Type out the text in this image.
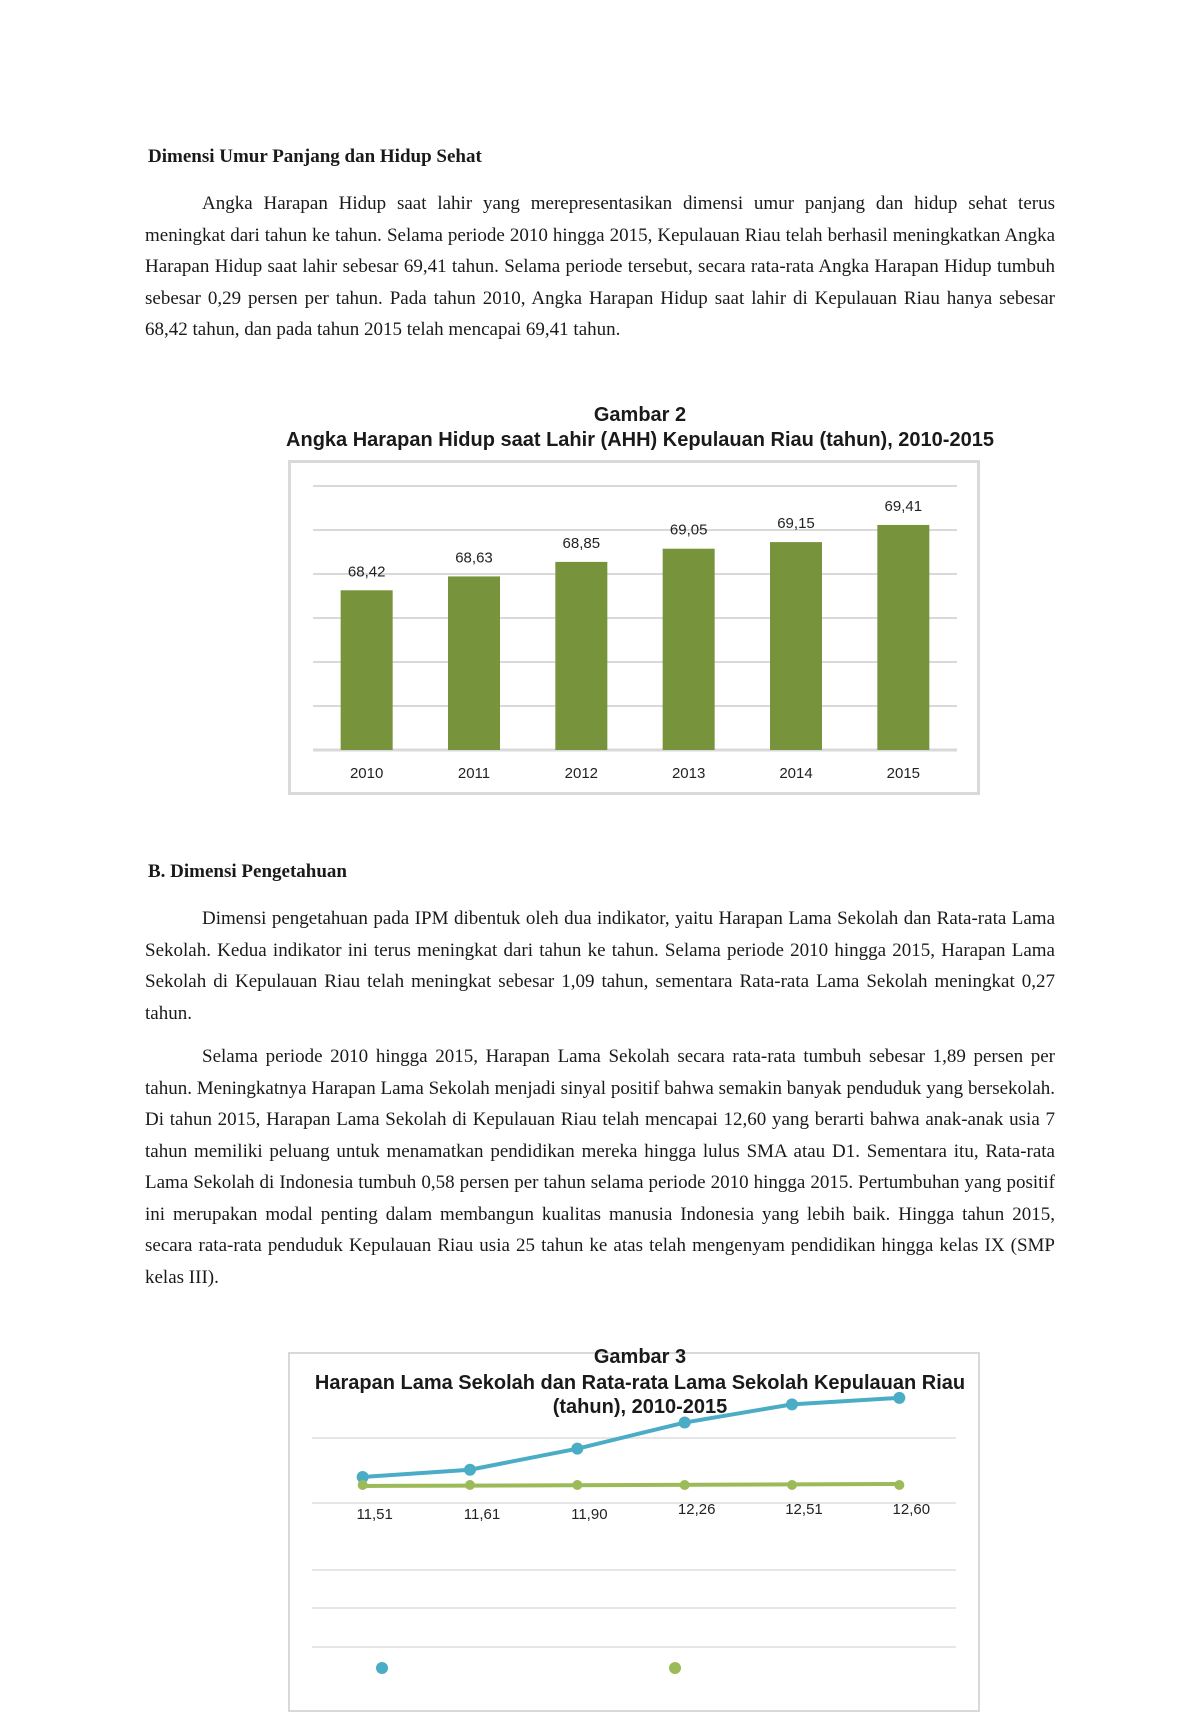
Dimensi Umur Panjang dan Hidup Sehat

Angka Harapan Hidup saat lahir yang merepresentasikan dimensi umur panjang dan hidup sehat terus meningkat dari tahun ke tahun. Selama periode 2010 hingga 2015, Kepulauan Riau telah berhasil meningkatkan Angka Harapan Hidup saat lahir sebesar 69,41 tahun. Selama periode tersebut, secara rata-rata Angka Harapan Hidup tumbuh sebesar 0,29 persen per tahun. Pada tahun 2010, Angka Harapan Hidup saat lahir di Kepulauan Riau hanya sebesar 68,42 tahun, dan pada tahun 2015 telah mencapai 69,41 tahun.

Gambar 2
Angka Harapan Hidup saat Lahir (AHH) Kepulauan Riau (tahun), 2010-2015
68,42
2010
68,63
2011
68,85
2012
69,05
2013
69,15
2014
69,41
2015
B. Dimensi Pengetahuan

Dimensi pengetahuan pada IPM dibentuk oleh dua indikator, yaitu Harapan Lama Sekolah dan Rata-rata Lama Sekolah. Kedua indikator ini terus meningkat dari tahun ke tahun. Selama periode 2010 hingga 2015, Harapan Lama Sekolah di Kepulauan Riau telah meningkat sebesar 1,09 tahun, sementara Rata-rata Lama Sekolah meningkat 0,27 tahun.

Selama periode 2010 hingga 2015, Harapan Lama Sekolah secara rata-rata tumbuh sebesar 1,89 persen per tahun. Meningkatnya Harapan Lama Sekolah menjadi sinyal positif bahwa semakin banyak penduduk yang bersekolah. Di tahun 2015, Harapan Lama Sekolah di Kepulauan Riau telah mencapai 12,60 yang berarti bahwa anak-anak usia 7 tahun memiliki peluang untuk menamatkan pendidikan mereka hingga lulus SMA atau D1. Sementara itu, Rata-rata Lama Sekolah di Indonesia tumbuh 0,58 persen per tahun selama periode 2010 hingga 2015. Pertumbuhan yang positif ini merupakan modal penting dalam membangun kualitas manusia Indonesia yang lebih baik. Hingga tahun 2015, secara rata-rata penduduk Kepulauan Riau usia 25 tahun ke atas telah mengenyam pendidikan hingga kelas IX (SMP kelas III).

11,51	11,61	11,90	12,26	12,51	12,60
Gambar 3
Harapan Lama Sekolah dan Rata-rata Lama Sekolah Kepulauan Riau
(tahun), 2010-2015
